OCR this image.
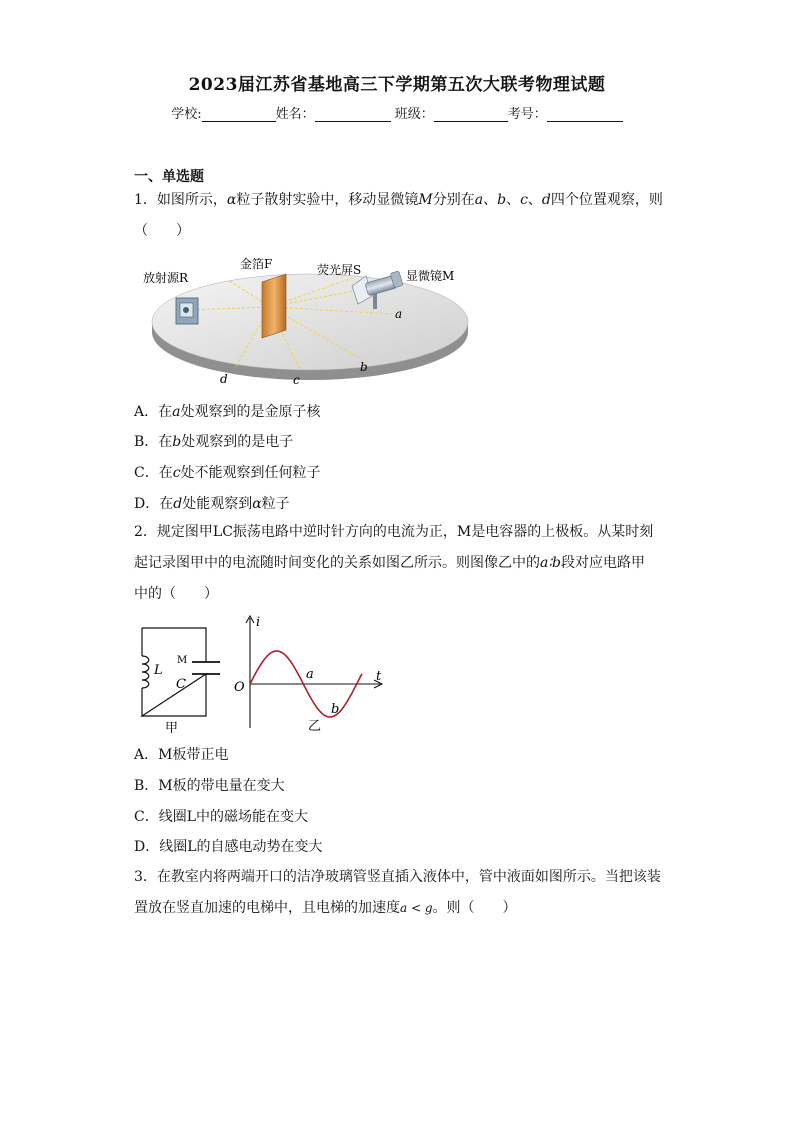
2023届江苏省基地高三下学期第五次大联考物理试题
学校:	姓名：	班级：	考号：
一、单选题
1．如图所示，α粒子散射实验中，移动显微镜M分别在a、b、c、d四个位置观察，则
（　　）
放射源R
金箔F	荧光屏S	显微镜M
a
b
c
d
A．在a处观察到的是金原子核
B．在b处观察到的是电子
C．在c处不能观察到任何粒子
D．在d处能观察到α粒子
2．规定图甲LC振荡电路中逆时针方向的电流为正，M是电容器的上极板。从某时刻
起记录图甲中的电流随时间变化的关系如图乙所示。则图像乙中的a∶b段对应电路甲
中的（　　）
L
M
C
甲
i
O
t
a
b
乙
A．M板带正电
B．M板的带电量在变大
C．线圈L中的磁场能在变大
D．线圈L的自感电动势在变大
3．在教室内将两端开口的洁净玻璃管竖直插入液体中，管中液面如图所示。当把该装
置放在竖直加速的电梯中，且电梯的加速度a < g。则（　　）
